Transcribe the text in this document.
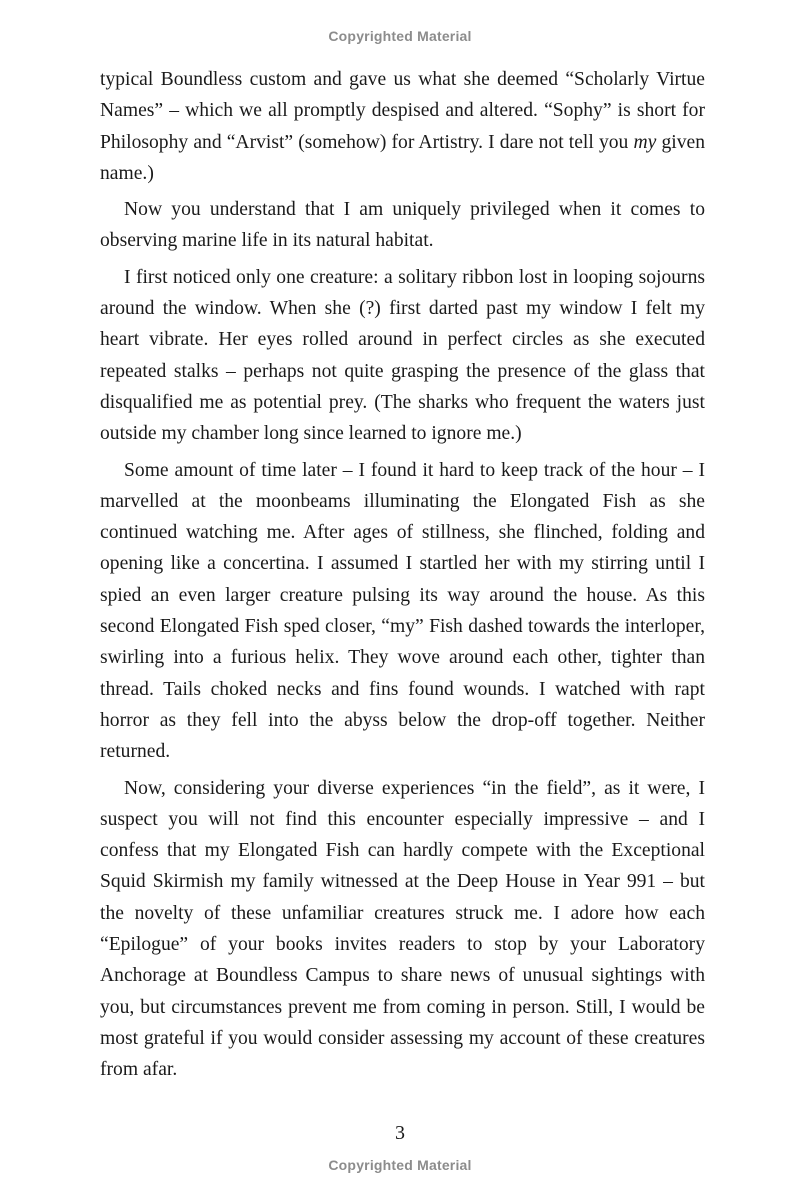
Copyrighted Material

typical Boundless custom and gave us what she deemed “Scholarly Virtue Names” – which we all promptly despised and altered. “Sophy” is short for Philosophy and “Arvist” (somehow) for Artistry. I dare not tell you my given name.)

Now you understand that I am uniquely privileged when it comes to observing marine life in its natural habitat.

I first noticed only one creature: a solitary ribbon lost in looping sojourns around the window. When she (?) first darted past my window I felt my heart vibrate. Her eyes rolled around in perfect circles as she executed repeated stalks – perhaps not quite grasping the presence of the glass that disqualified me as potential prey. (The sharks who frequent the waters just outside my chamber long since learned to ignore me.)

Some amount of time later – I found it hard to keep track of the hour – I marvelled at the moonbeams illuminating the Elongated Fish as she continued watching me. After ages of stillness, she flinched, folding and opening like a concertina. I assumed I startled her with my stirring until I spied an even larger creature pulsing its way around the house. As this second Elongated Fish sped closer, “my” Fish dashed towards the interloper, swirling into a furious helix. They wove around each other, tighter than thread. Tails choked necks and fins found wounds. I watched with rapt horror as they fell into the abyss below the drop-off together. Neither returned.

Now, considering your diverse experiences “in the field”, as it were, I suspect you will not find this encounter especially impressive – and I confess that my Elongated Fish can hardly compete with the Exceptional Squid Skirmish my family witnessed at the Deep House in Year 991 – but the novelty of these unfamiliar creatures struck me. I adore how each “Epilogue” of your books invites readers to stop by your Laboratory Anchorage at Boundless Campus to share news of unusual sightings with you, but circumstances prevent me from coming in person. Still, I would be most grateful if you would consider assessing my account of these creatures from afar.

3
Copyrighted Material
